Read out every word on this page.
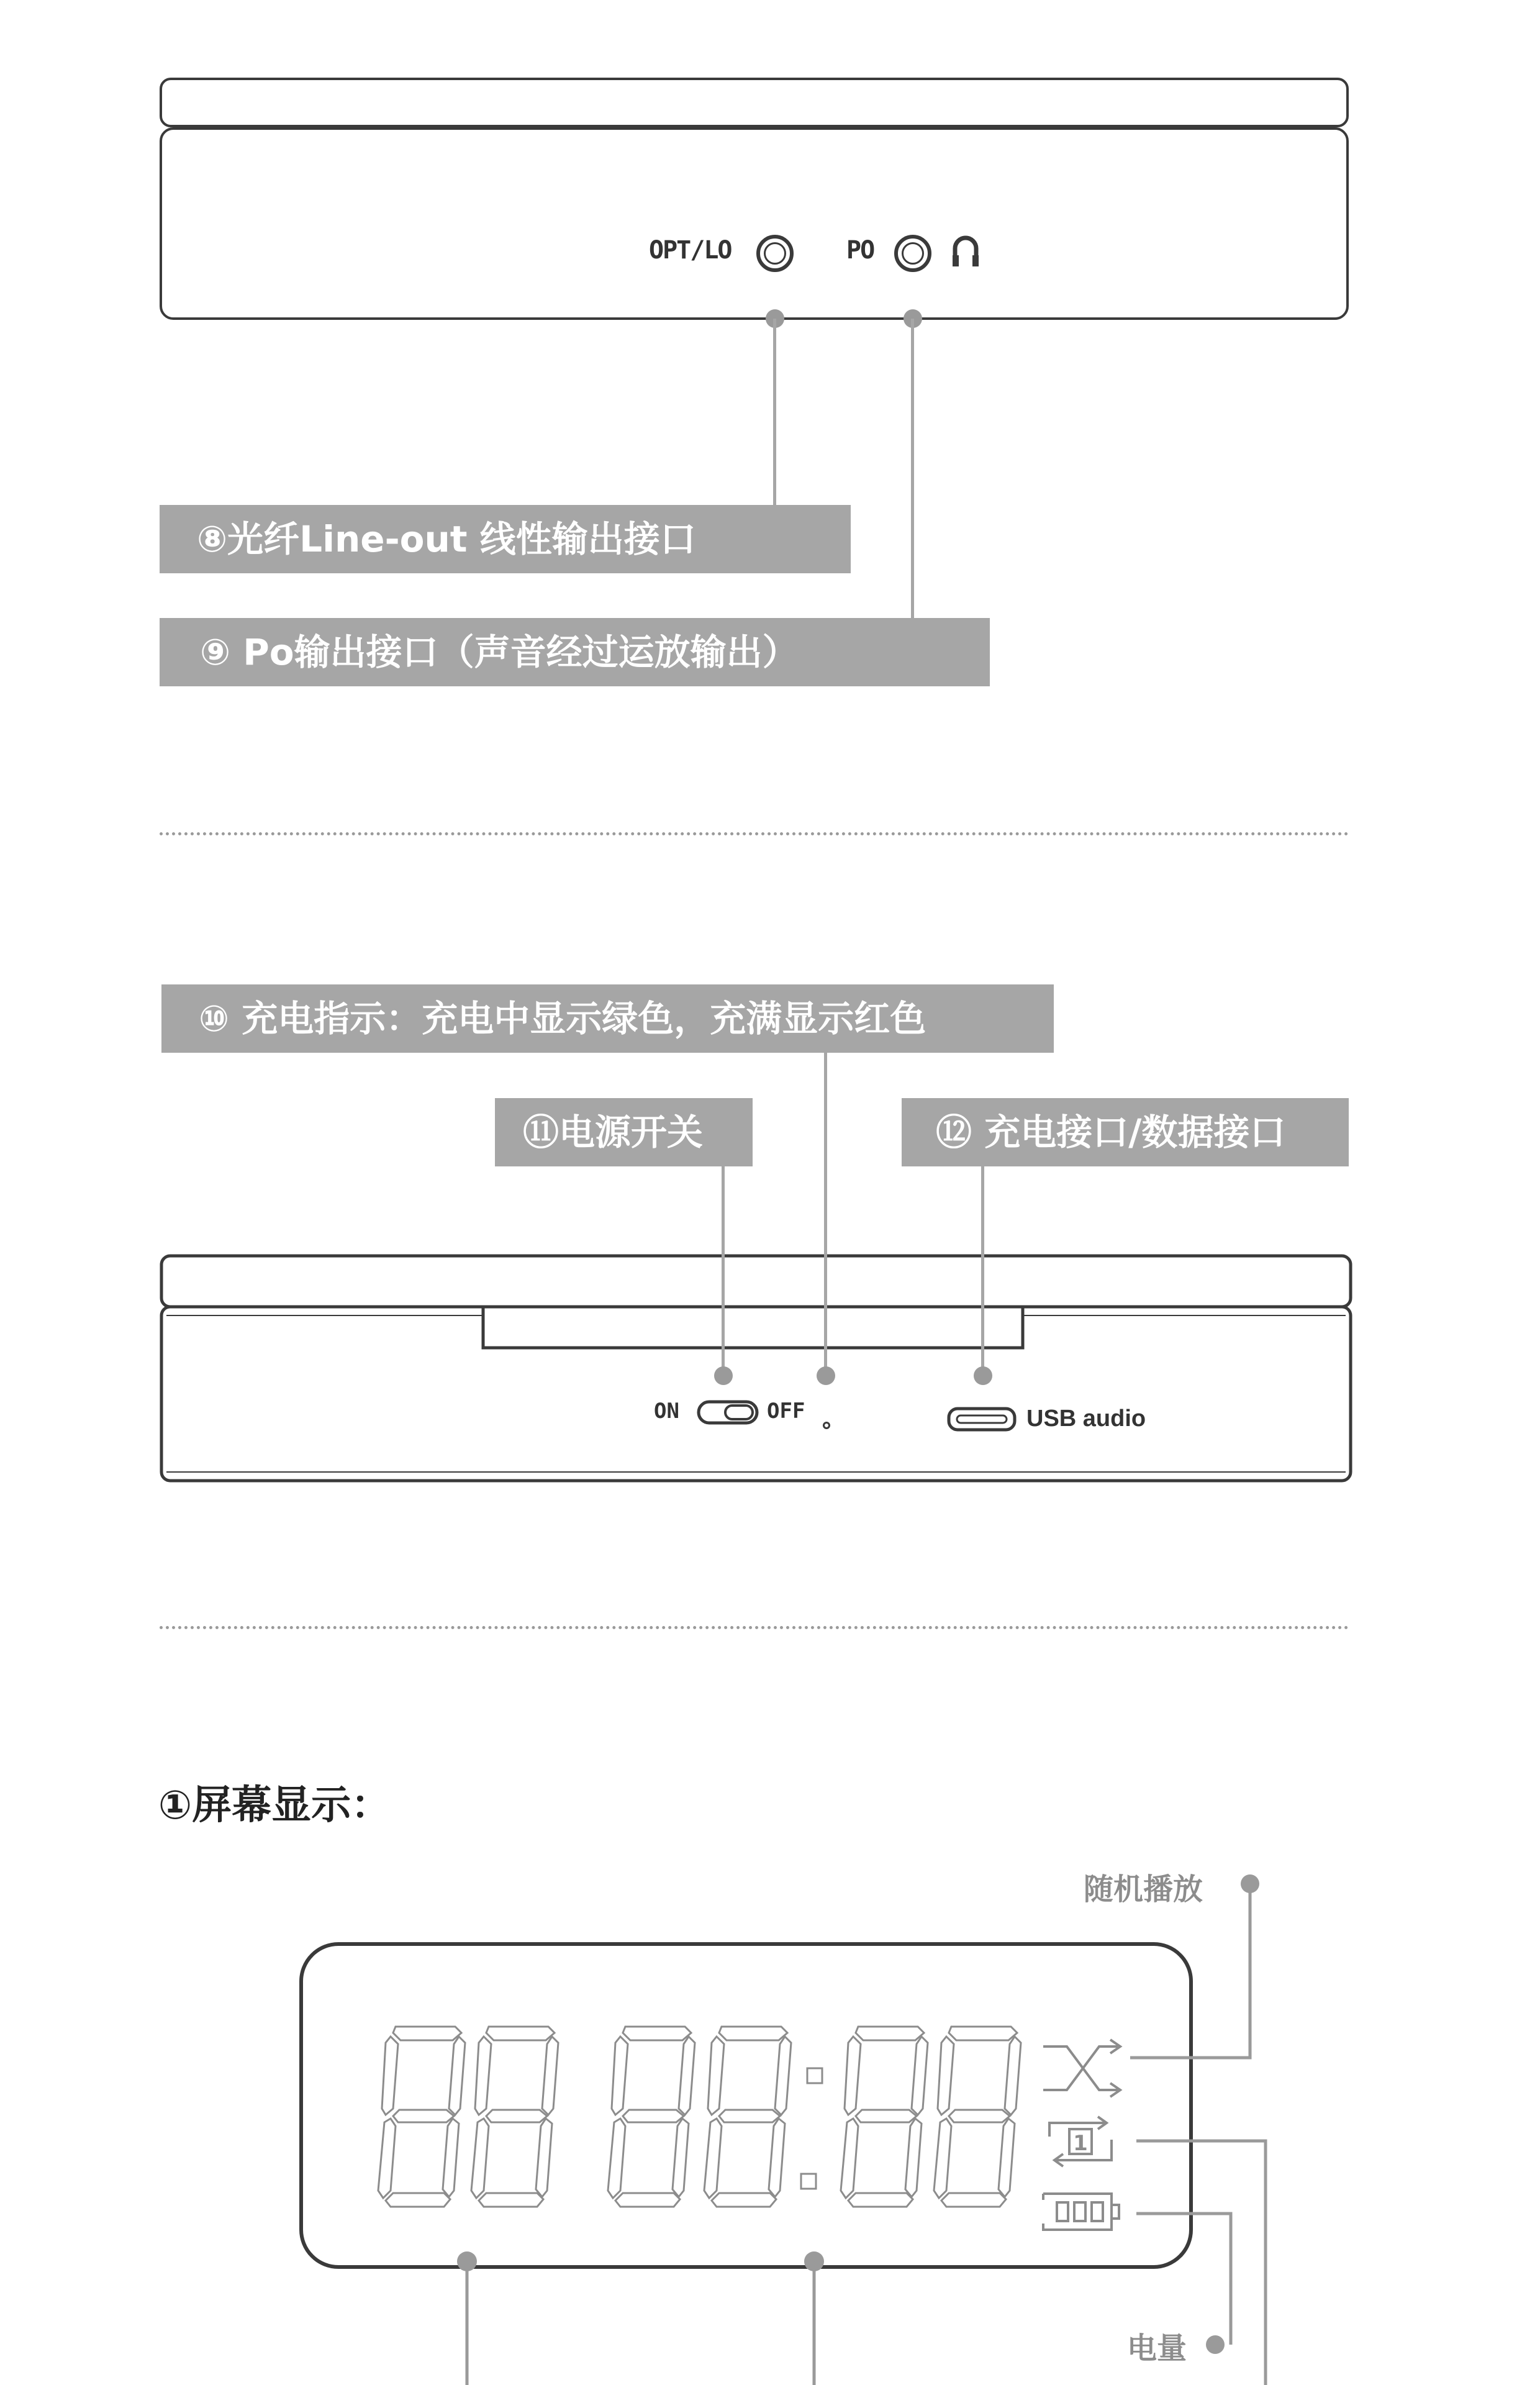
OPT/LO	PO
⑧光纤Line-out 线性输出接口
⑨ Po输出接口（声音经过运放输出）
⑩ 充电指示：充电中显示绿色，充满显示红色
⑪电源开关	⑫ 充电接口/数据接口
ON	OFF	USB audio
①屏幕显示：
随机播放
电量
1
